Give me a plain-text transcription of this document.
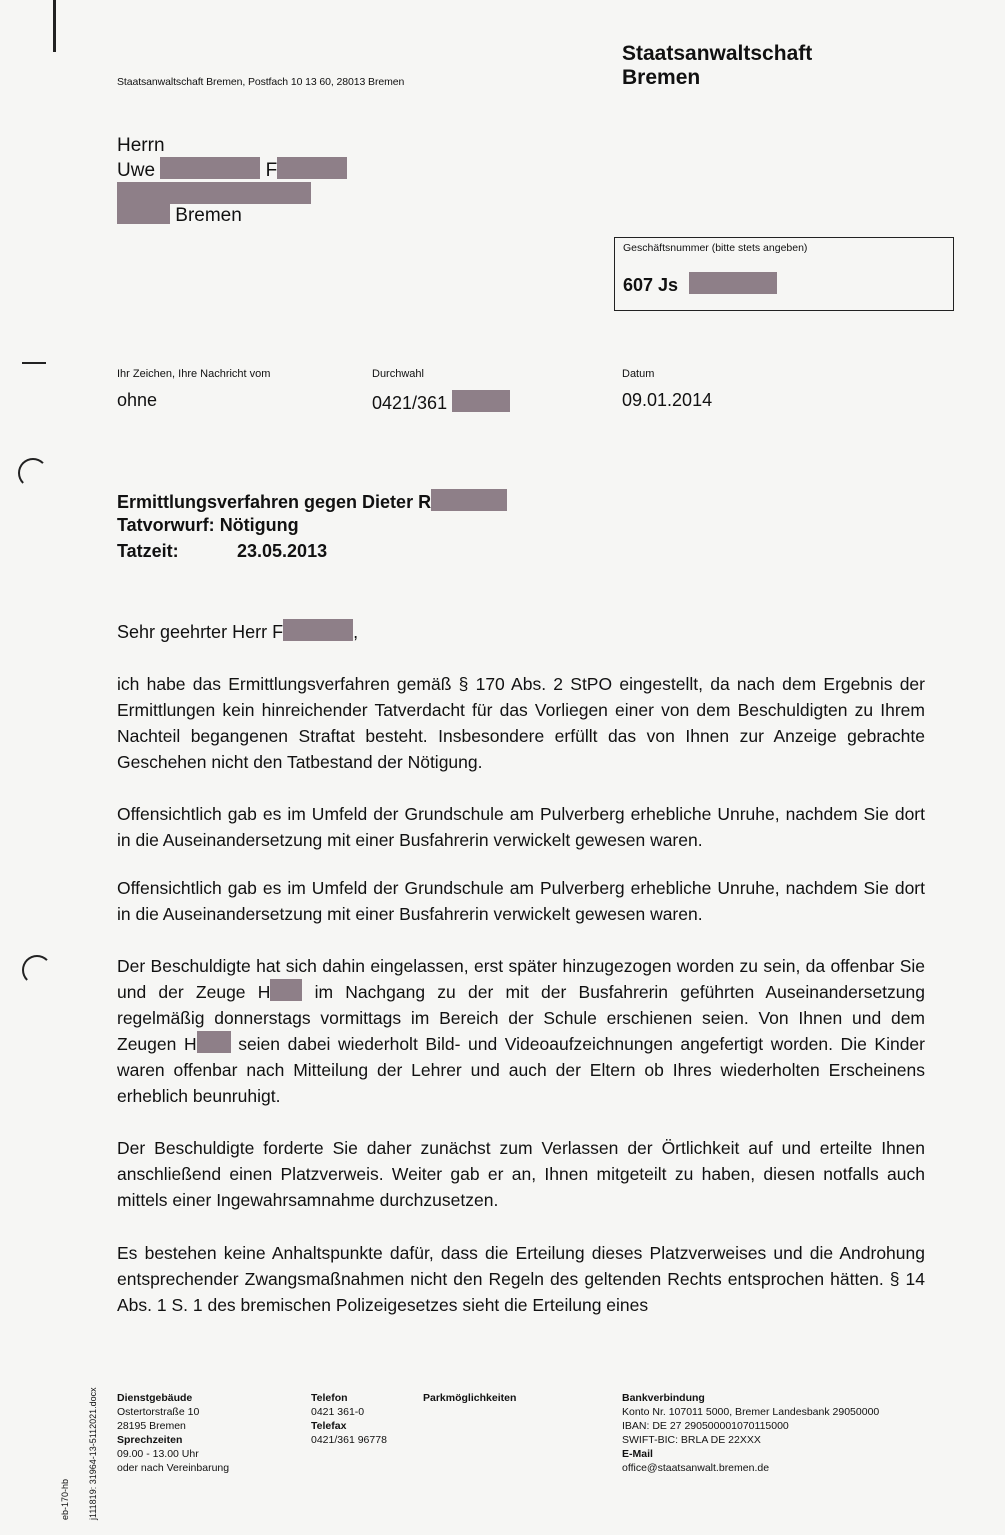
Staatsanwaltschaft Bremen, Postfach 10 13 60, 28013 Bremen
Staatsanwaltschaft
Bremen
Herrn
Uwe	F
Bremen
Geschäftsnummer (bitte stets angeben)
607 Js
Ihr Zeichen, Ihre Nachricht vom
ohne
Durchwahl
0421/361
Datum
09.01.2014
Ermittlungsverfahren gegen Dieter R
Tatvorwurf: Nötigung
Tatzeit:	23.05.2013
Sehr geehrter Herr F	,
ich habe das Ermittlungsverfahren gemäß § 170 Abs. 2 StPO eingestellt, da nach dem Ergebnis der Ermittlungen kein hinreichender Tatverdacht für das Vorliegen einer von dem Beschuldigten zu Ihrem Nachteil begangenen Straftat besteht. Insbesondere erfüllt das von Ihnen zur Anzeige gebrachte Geschehen nicht den Tatbestand der Nötigung.
Offensichtlich gab es im Umfeld der Grundschule am Pulverberg erhebliche Unruhe, nachdem Sie dort in die Auseinandersetzung mit einer Busfahrerin verwickelt gewesen waren.
Offensichtlich gab es im Umfeld der Grundschule am Pulverberg erhebliche Unruhe, nachdem Sie dort in die Auseinandersetzung mit einer Busfahrerin verwickelt gewesen waren.
Der Beschuldigte hat sich dahin eingelassen, erst später hinzugezogen worden zu sein, da offenbar Sie und der Zeuge H im Nachgang zu der mit der Busfahrerin geführten Auseinandersetzung regelmäßig donnerstags vormittags im Bereich der Schule erschienen seien. Von Ihnen und dem Zeugen H seien dabei wiederholt Bild- und Videoaufzeichnungen angefertigt worden. Die Kinder waren offenbar nach Mitteilung der Lehrer und auch der Eltern ob Ihres wiederholten Erscheinens erheblich beunruhigt.
Der Beschuldigte forderte Sie daher zunächst zum Verlassen der Örtlichkeit auf und erteilte Ihnen anschließend einen Platzverweis. Weiter gab er an, Ihnen mitgeteilt zu haben, diesen notfalls auch mittels einer Ingewahrsamnahme durchzusetzen.
Es bestehen keine Anhaltspunkte dafür, dass die Erteilung dieses Platzverweises und die Androhung entsprechender Zwangsmaßnahmen nicht den Regeln des geltenden Rechts entsprochen hätten. § 14 Abs. 1 S. 1 des bremischen Polizeigesetzes sieht die Erteilung eines
Dienstgebäude
Ostertorstraße 10
28195 Bremen
Sprechzeiten
09.00 - 13.00 Uhr
oder nach Vereinbarung
Telefon
0421 361-0
Telefax
0421/361 96778
Parkmöglichkeiten	Bankverbindung
Konto Nr. 107011 5000, Bremer Landesbank 29050000
IBAN: DE 27 290500001070115000
SWIFT-BIC: BRLA DE 22XXX
E-Mail
office@staatsanwalt.bremen.de
eb-170-hb j111819: 31964-13-5112021.docx
